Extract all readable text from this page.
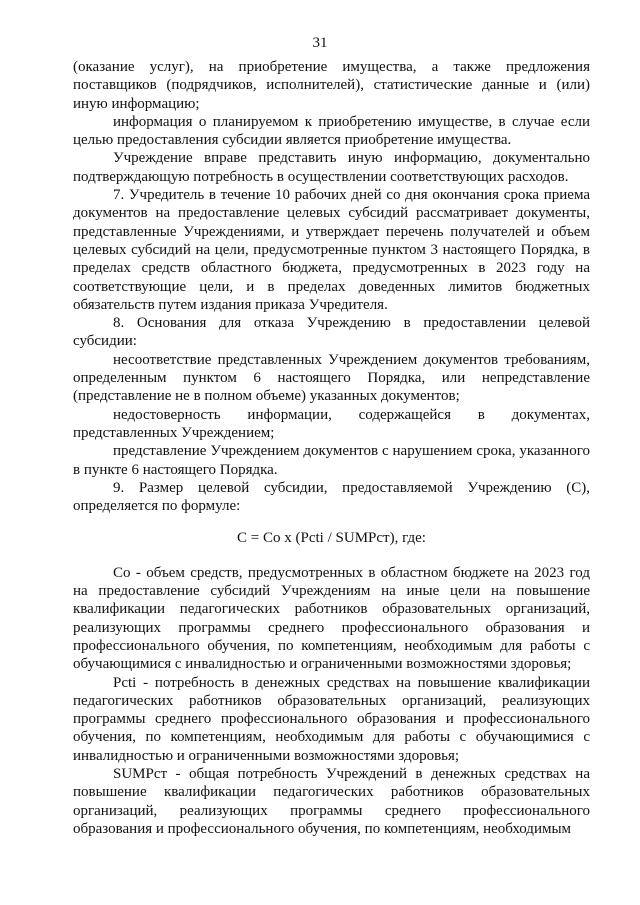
31

(оказание услуг), на приобретение имущества, а также предложения поставщиков (подрядчиков, исполнителей), статистические данные и (или) иную информацию;

информация о планируемом к приобретению имуществе, в случае если целью предоставления субсидии является приобретение имущества.

Учреждение вправе представить иную информацию, документально подтверждающую потребность в осуществлении соответствующих расходов.

7. Учредитель в течение 10 рабочих дней со дня окончания срока приема документов на предоставление целевых субсидий рассматривает документы, представленные Учреждениями, и утверждает перечень получателей и объем целевых субсидий на цели, предусмотренные пунктом 3 настоящего Порядка, в пределах средств областного бюджета, предусмотренных в 2023 году на соответствующие цели, и в пределах доведенных лимитов бюджетных обязательств путем издания приказа Учредителя.

8. Основания для отказа Учреждению в предоставлении целевой субсидии:

несоответствие представленных Учреждением документов требованиям, определенным пунктом 6 настоящего Порядка, или непредставление (представление не в полном объеме) указанных документов;

недостоверность информации, содержащейся в документах, представленных Учреждением;

представление Учреждением документов с нарушением срока, указанного в пункте 6 настоящего Порядка.

9. Размер целевой субсидии, предоставляемой Учреждению (C), определяется по формуле:

C = Co x (Pcti / SUMPст), где:

Co - объем средств, предусмотренных в областном бюджете на 2023 год на предоставление субсидий Учреждениям на иные цели на повышение квалификации педагогических работников образовательных организаций, реализующих программы среднего профессионального образования и профессионального обучения, по компетенциям, необходимым для работы с обучающимися с инвалидностью и ограниченными возможностями здоровья;

Pcti - потребность в денежных средствах на повышение квалификации педагогических работников образовательных организаций, реализующих программы среднего профессионального образования и профессионального обучения, по компетенциям, необходимым для работы с обучающимися с инвалидностью и ограниченными возможностями здоровья;

SUMPст - общая потребность Учреждений в денежных средствах на повышение квалификации педагогических работников образовательных организаций, реализующих программы среднего профессионального образования и профессионального обучения, по компетенциям, необходимым
